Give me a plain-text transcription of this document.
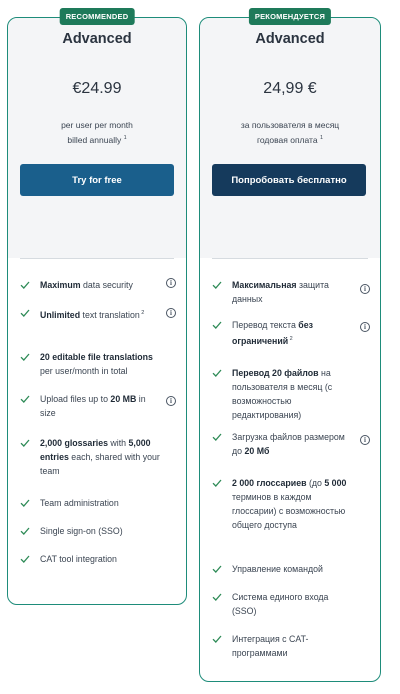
RECOMMENDED
Advanced
€24.99
per user per month
billed annually $^1$
Try for free
Maximum data security	i
Unlimited text translation $^2$	i
20 editable file translations per user/month in total
Upload files up to 20 MB in size
i
2,000 glossaries with 5,000 entries each, shared with your team
Team administration
Single sign-on (SSO)
CAT tool integration
РЕКОМЕНДУЕТСЯ
Advanced
24,99 €
за пользователя в месяц
годовая оплата $^1$
Попробовать бесплатно
Максимальная защита данных
i
Перевод текста без ограничений $^2$
i
Перевод 20 файлов на пользователя в месяц (с возможностью редактирования)
Загрузка файлов размером до 20 Мб
i
2 000 глоссариев (до 5 000 терминов в каждом глоссарии) с возможностью общего доступа
Управление командой
Система единого входа (SSO)
Интеграция с CAT-программами
